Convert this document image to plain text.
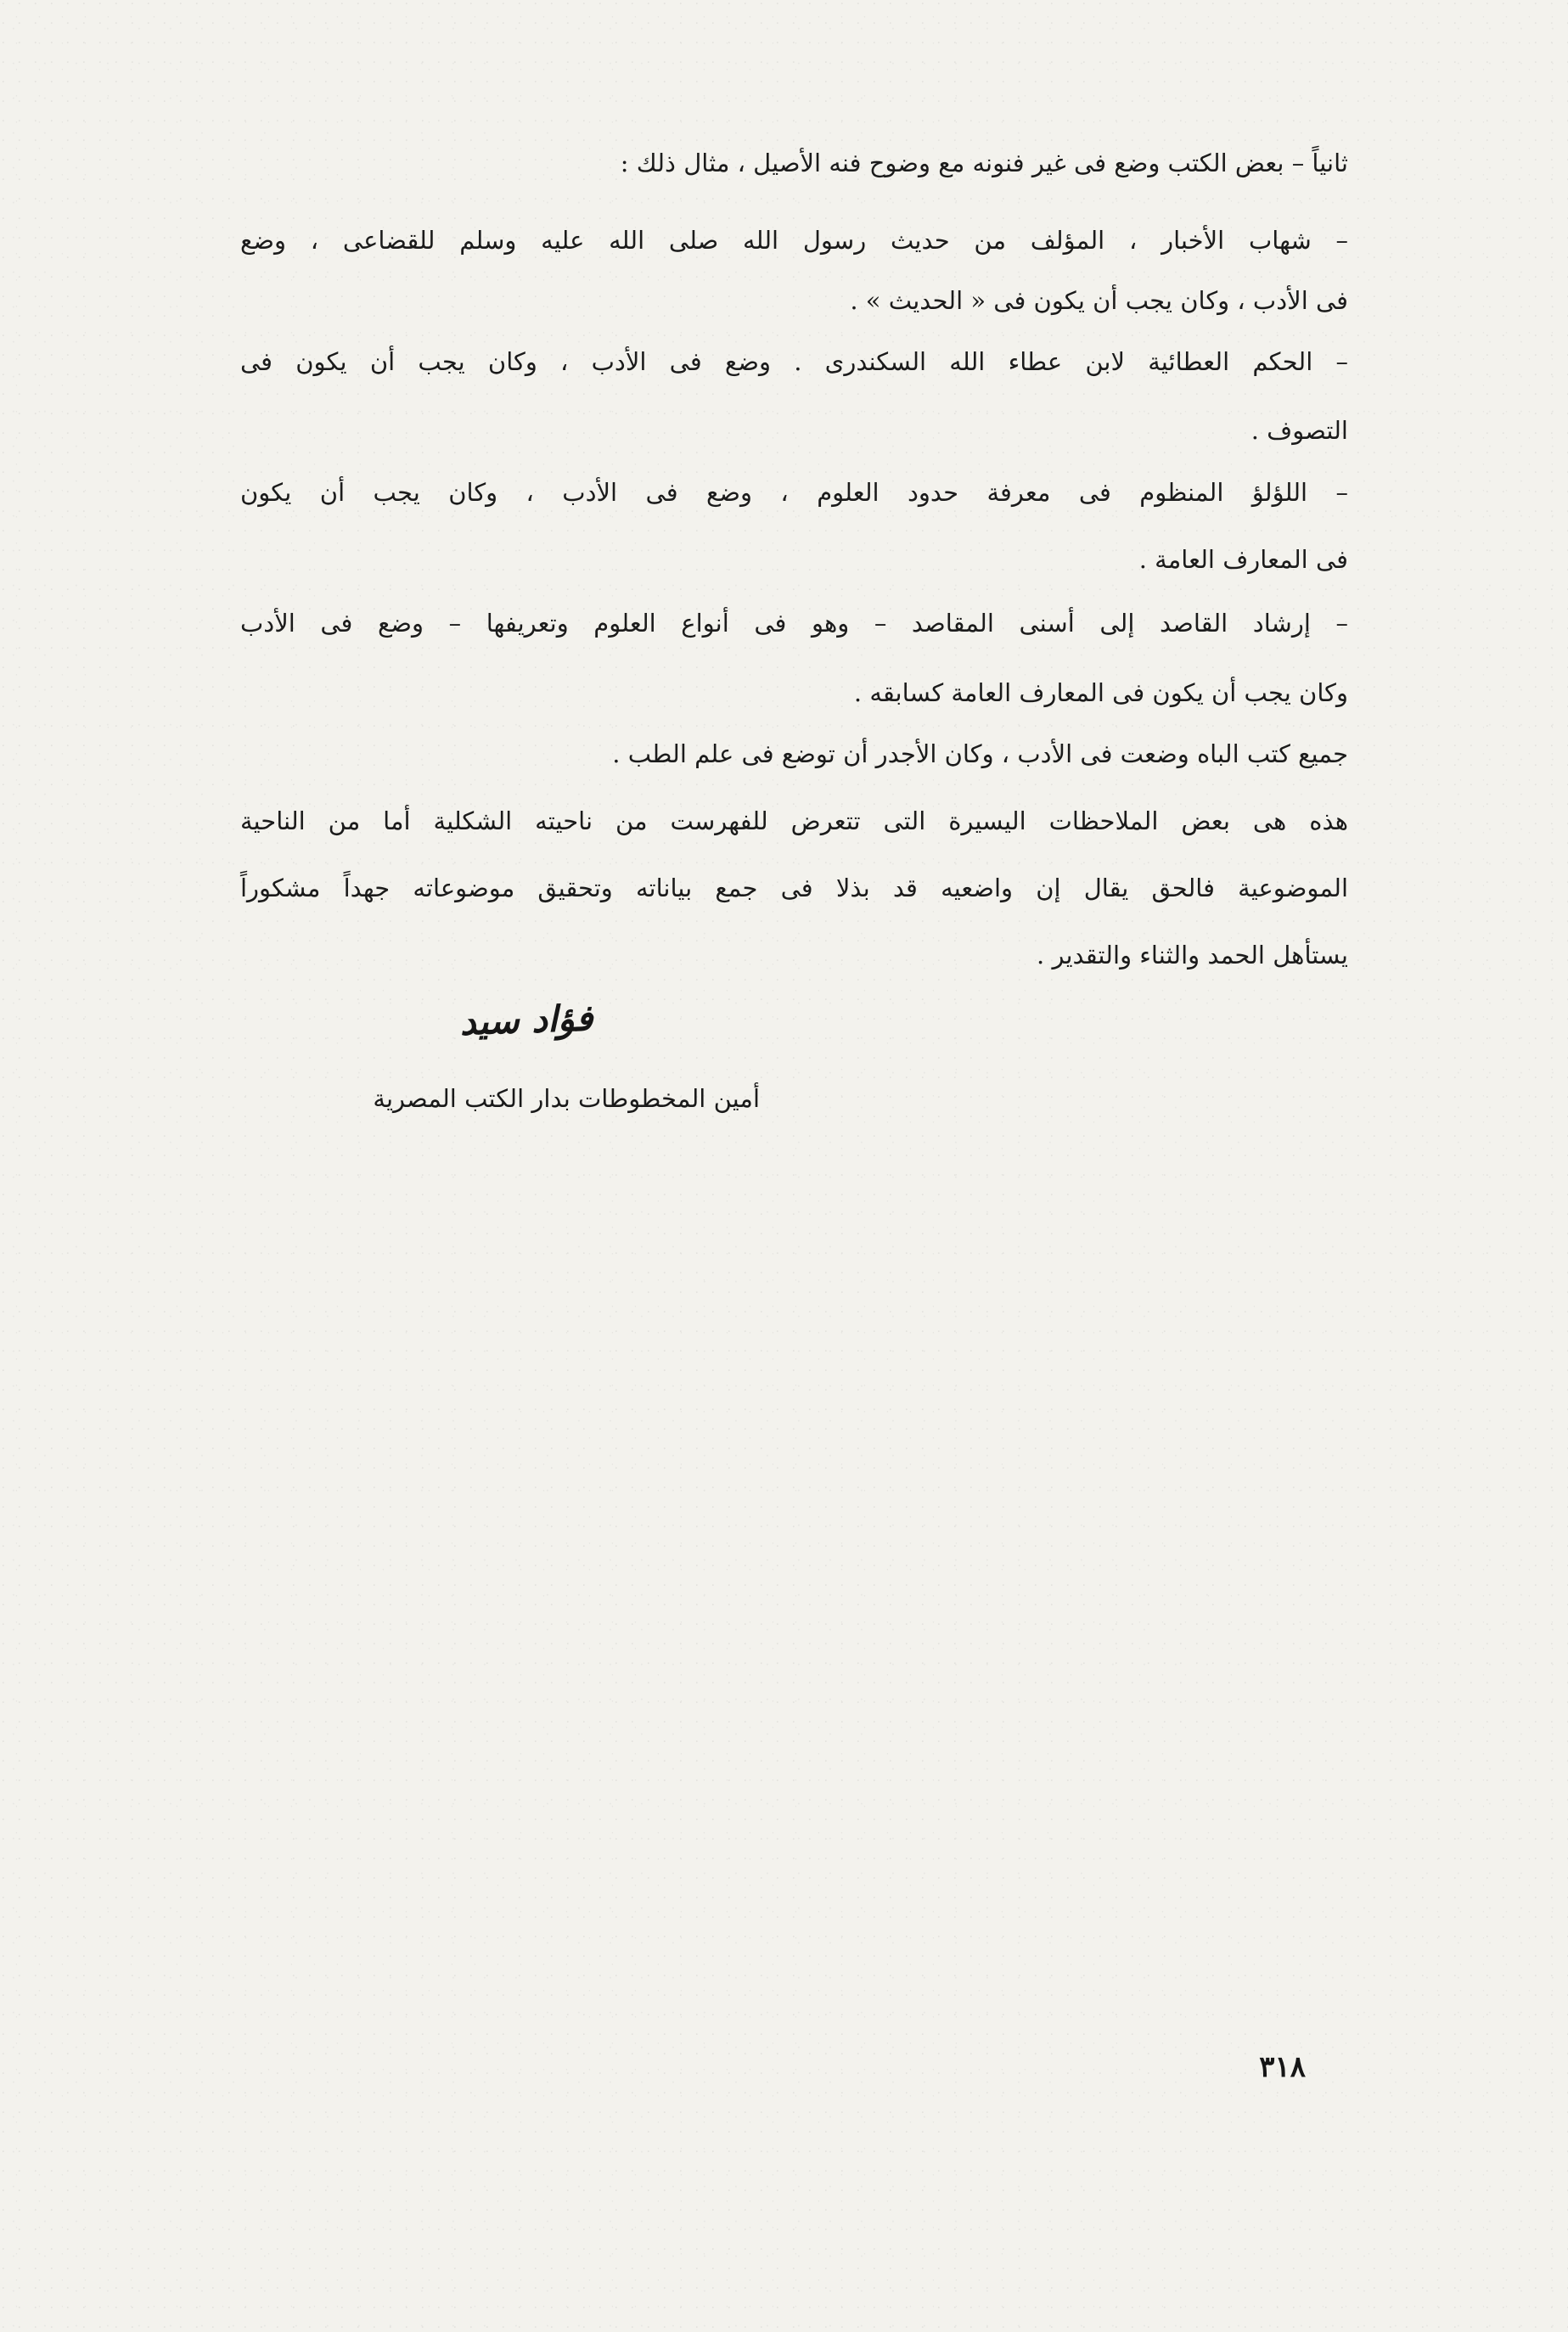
ثانياً – بعض الكتب وضع فى غير فنونه مع وضوح فنه الأصيل ، مثال ذلك :
– شهاب الأخبار ، المؤلف من حديث رسول الله صلى الله عليه وسلم للقضاعى ، وضع
فى الأدب ، وكان يجب أن يكون فى « الحديث » .
– الحكم العطائية لابن عطاء الله السكندرى . وضع فى الأدب ، وكان يجب أن يكون فى
التصوف .
– اللؤلؤ المنظوم فى معرفة حدود العلوم ، وضع فى الأدب ، وكان يجب أن يكون
فى المعارف العامة .
– إرشاد القاصد إلى أسنى المقاصد – وهو فى أنواع العلوم وتعريفها – وضع فى الأدب
وكان يجب أن يكون فى المعارف العامة كسابقه .
جميع كتب الباه وضعت فى الأدب ، وكان الأجدر أن توضع فى علم الطب .
هذه هى بعض الملاحظات اليسيرة التى تتعرض للفهرست من ناحيته الشكلية أما من الناحية
الموضوعية فالحق يقال إن واضعيه قد بذلا فى جمع بياناته وتحقيق موضوعاته جهداً مشكوراً
يستأهل الحمد والثناء والتقدير .
فؤاد سيد
أمين المخطوطات بدار الكتب المصرية
٣١٨
